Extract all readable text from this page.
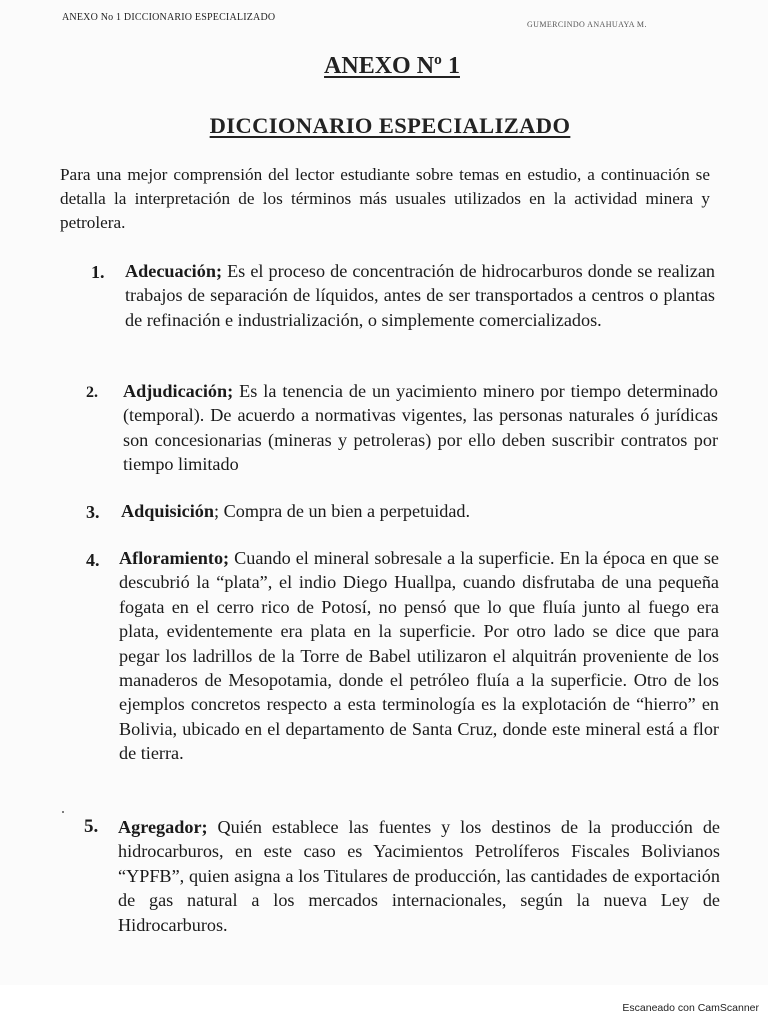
ANEXO No 1 DICCIONARIO ESPECIALIZADO
GUMERCINDO ANAHUAYA M.
ANEXO Nº 1
DICCIONARIO ESPECIALIZADO
Para una mejor comprensión del lector estudiante sobre temas en estudio, a continuación se detalla la interpretación de los términos más usuales utilizados en la actividad minera y petrolera.
1. Adecuación; Es el proceso de concentración de hidrocarburos donde se realizan trabajos de separación de líquidos, antes de ser transportados a centros o plantas de refinación e industrialización, o simplemente comercializados.
2. Adjudicación; Es la tenencia de un yacimiento minero por tiempo determinado (temporal). De acuerdo a normativas vigentes, las personas naturales ó jurídicas son concesionarias (mineras y petroleras) por ello deben suscribir contratos por tiempo limitado
3. Adquisición; Compra de un bien a perpetuidad.
4. Afloramiento; Cuando el mineral sobresale a la superficie. En la época en que se descubrió la “plata”, el indio Diego Huallpa, cuando disfrutaba de una pequeña fogata en el cerro rico de Potosí, no pensó que lo que fluía junto al fuego era plata, evidentemente era plata en la superficie. Por otro lado se dice que para pegar los ladrillos de la Torre de Babel utilizaron el alquitrán proveniente de los manaderos de Mesopotamia, donde el petróleo fluía a la superficie. Otro de los ejemplos concretos respecto a esta terminología es la explotación de “hierro” en Bolivia, ubicado en el departamento de Santa Cruz, donde este mineral está a flor de tierra.
5. Agregador; Quién establece las fuentes y los destinos de la producción de hidrocarburos, en este caso es Yacimientos Petrolíferos Fiscales Bolivianos “YPFB”, quien asigna a los Titulares de producción, las cantidades de exportación de gas natural a los mercados internacionales, según la nueva Ley de Hidrocarburos.
Escaneado con CamScanner
